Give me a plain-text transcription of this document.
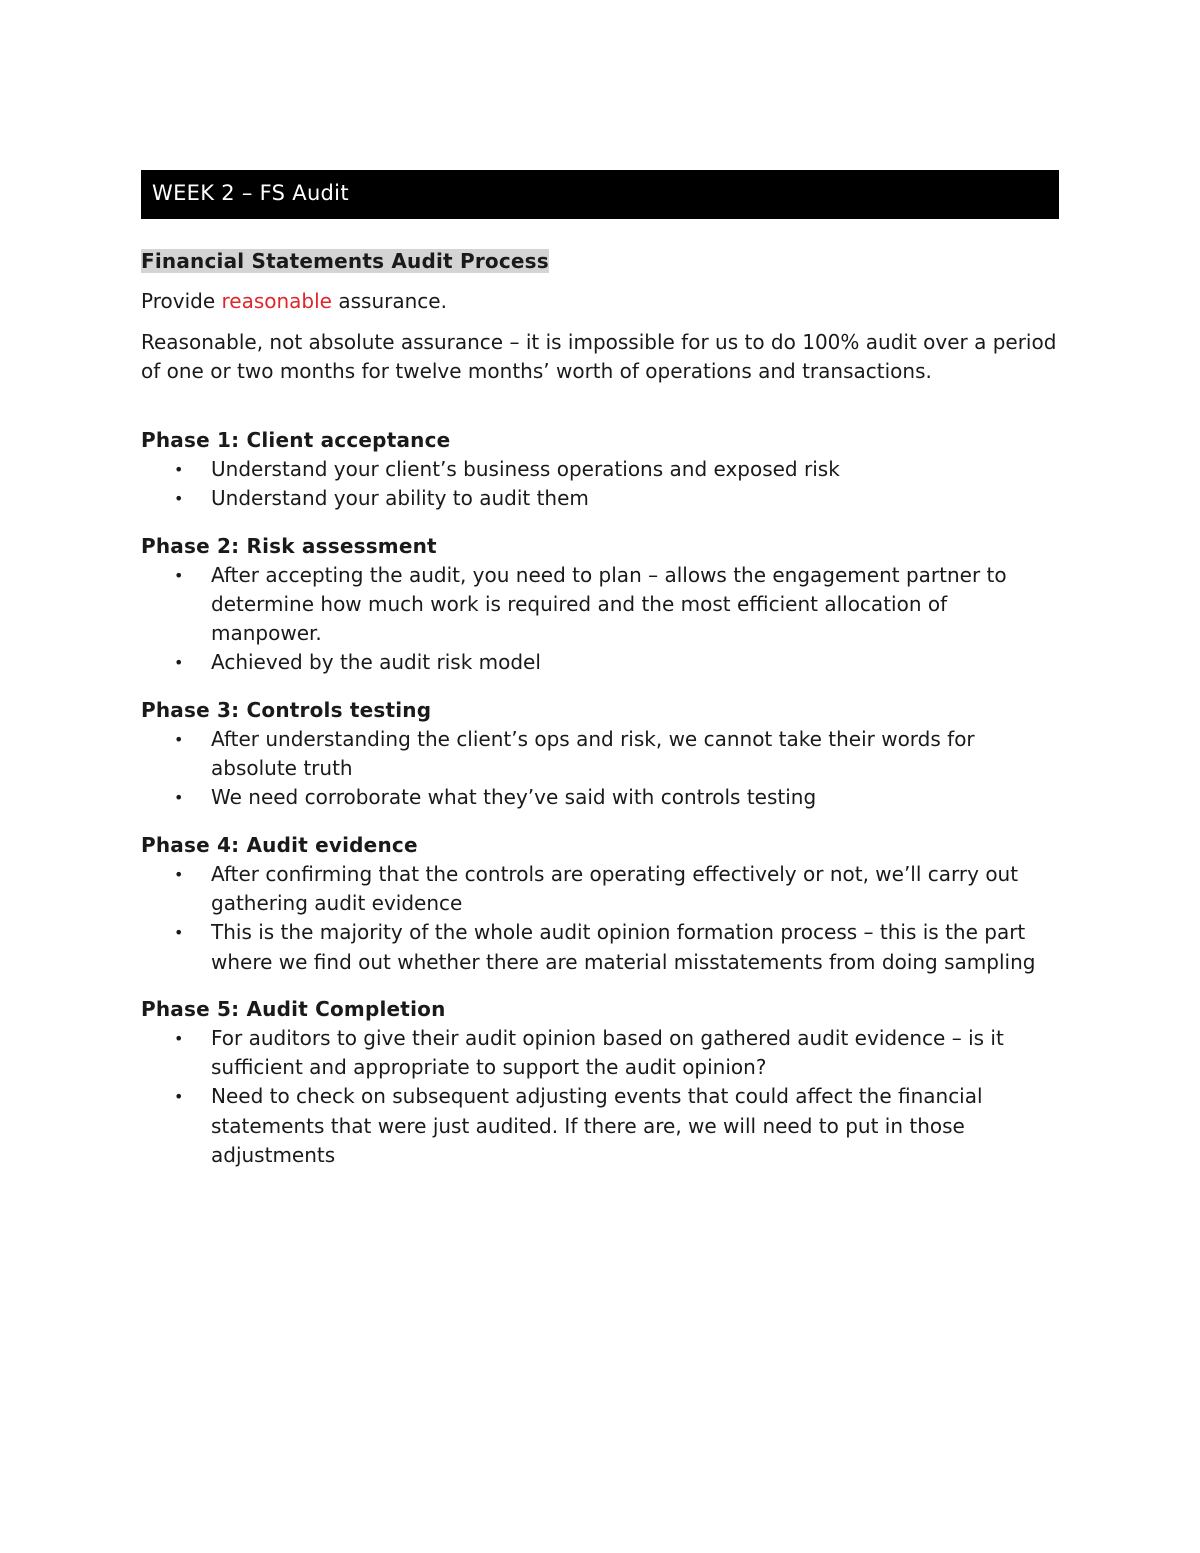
WEEK 2 – FS Audit
Financial Statements Audit Process

Provide reasonable assurance.

Reasonable, not absolute assurance – it is impossible for us to do 100% audit over a period of one or two months for twelve months’ worth of operations and transactions.

Phase 1: Client acceptance
• Understand your client’s business operations and exposed risk
• Understand your ability to audit them
Phase 2: Risk assessment
• After accepting the audit, you need to plan – allows the engagement partner to determine how much work is required and the most efficient allocation of manpower.
• Achieved by the audit risk model
Phase 3: Controls testing
• After understanding the client’s ops and risk, we cannot take their words for absolute truth
• We need corroborate what they’ve said with controls testing
Phase 4: Audit evidence
• After confirming that the controls are operating effectively or not, we’ll carry out gathering audit evidence
• This is the majority of the whole audit opinion formation process – this is the part where we find out whether there are material misstatements from doing sampling
Phase 5: Audit Completion
• For auditors to give their audit opinion based on gathered audit evidence – is it sufficient and appropriate to support the audit opinion?
• Need to check on subsequent adjusting events that could affect the financial statements that were just audited. If there are, we will need to put in those adjustments
